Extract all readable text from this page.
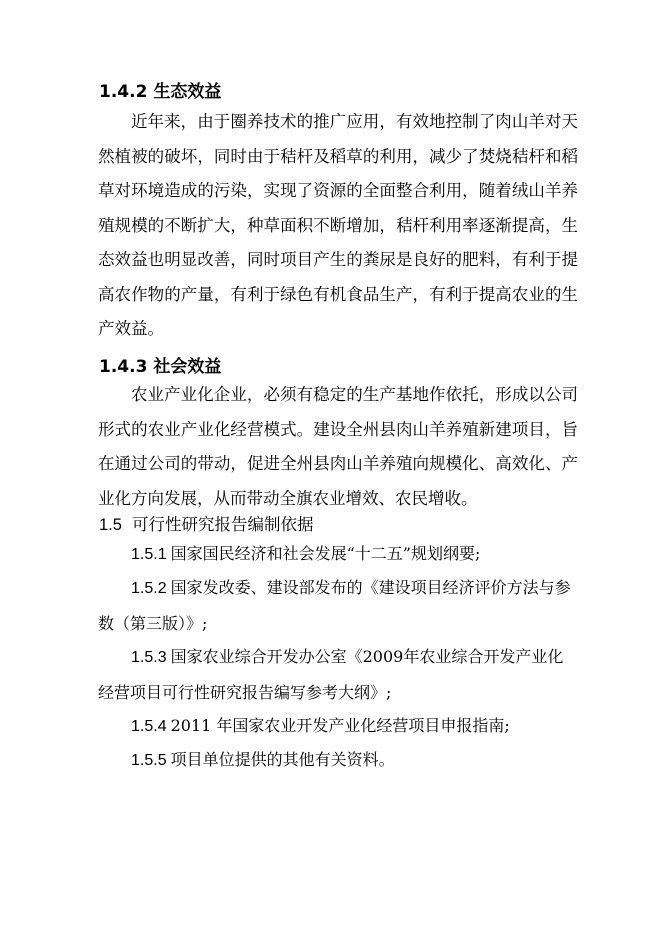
1.4.2 生态效益

近年来，由于圈养技术的推广应用，有效地控制了肉山羊对天然植被的破坏，同时由于秸杆及稻草的利用，减少了焚烧秸杆和稻草对环境造成的污染，实现了资源的全面整合利用，随着绒山羊养殖规模的不断扩大，种草面积不断增加，秸杆利用率逐渐提高，生态效益也明显改善，同时项目产生的粪尿是良好的肥料，有利于提高农作物的产量，有利于绿色有机食品生产，有利于提高农业的生产效益。

1.4.3 社会效益

农业产业化企业，必须有稳定的生产基地作依托，形成以公司形式的农业产业化经营模式。建设全州县肉山羊养殖新建项目，旨在通过公司的带动，促进全州县肉山羊养殖向规模化、高效化、产业化方向发展，从而带动全旗农业增效、农民增收。

1.5 可行性研究报告编制依据

1.5.1 国家国民经济和社会发展“十二五”规划纲要;

1.5.2 国家发改委、建设部发布的《建设项目经济评价方法与参数（第三版）》;

1.5.3 国家农业综合开发办公室《2009年农业综合开发产业化经营项目可行性研究报告编写参考大纲》;

1.5.4 2011 年国家农业开发产业化经营项目申报指南;

1.5.5 项目单位提供的其他有关资料。
